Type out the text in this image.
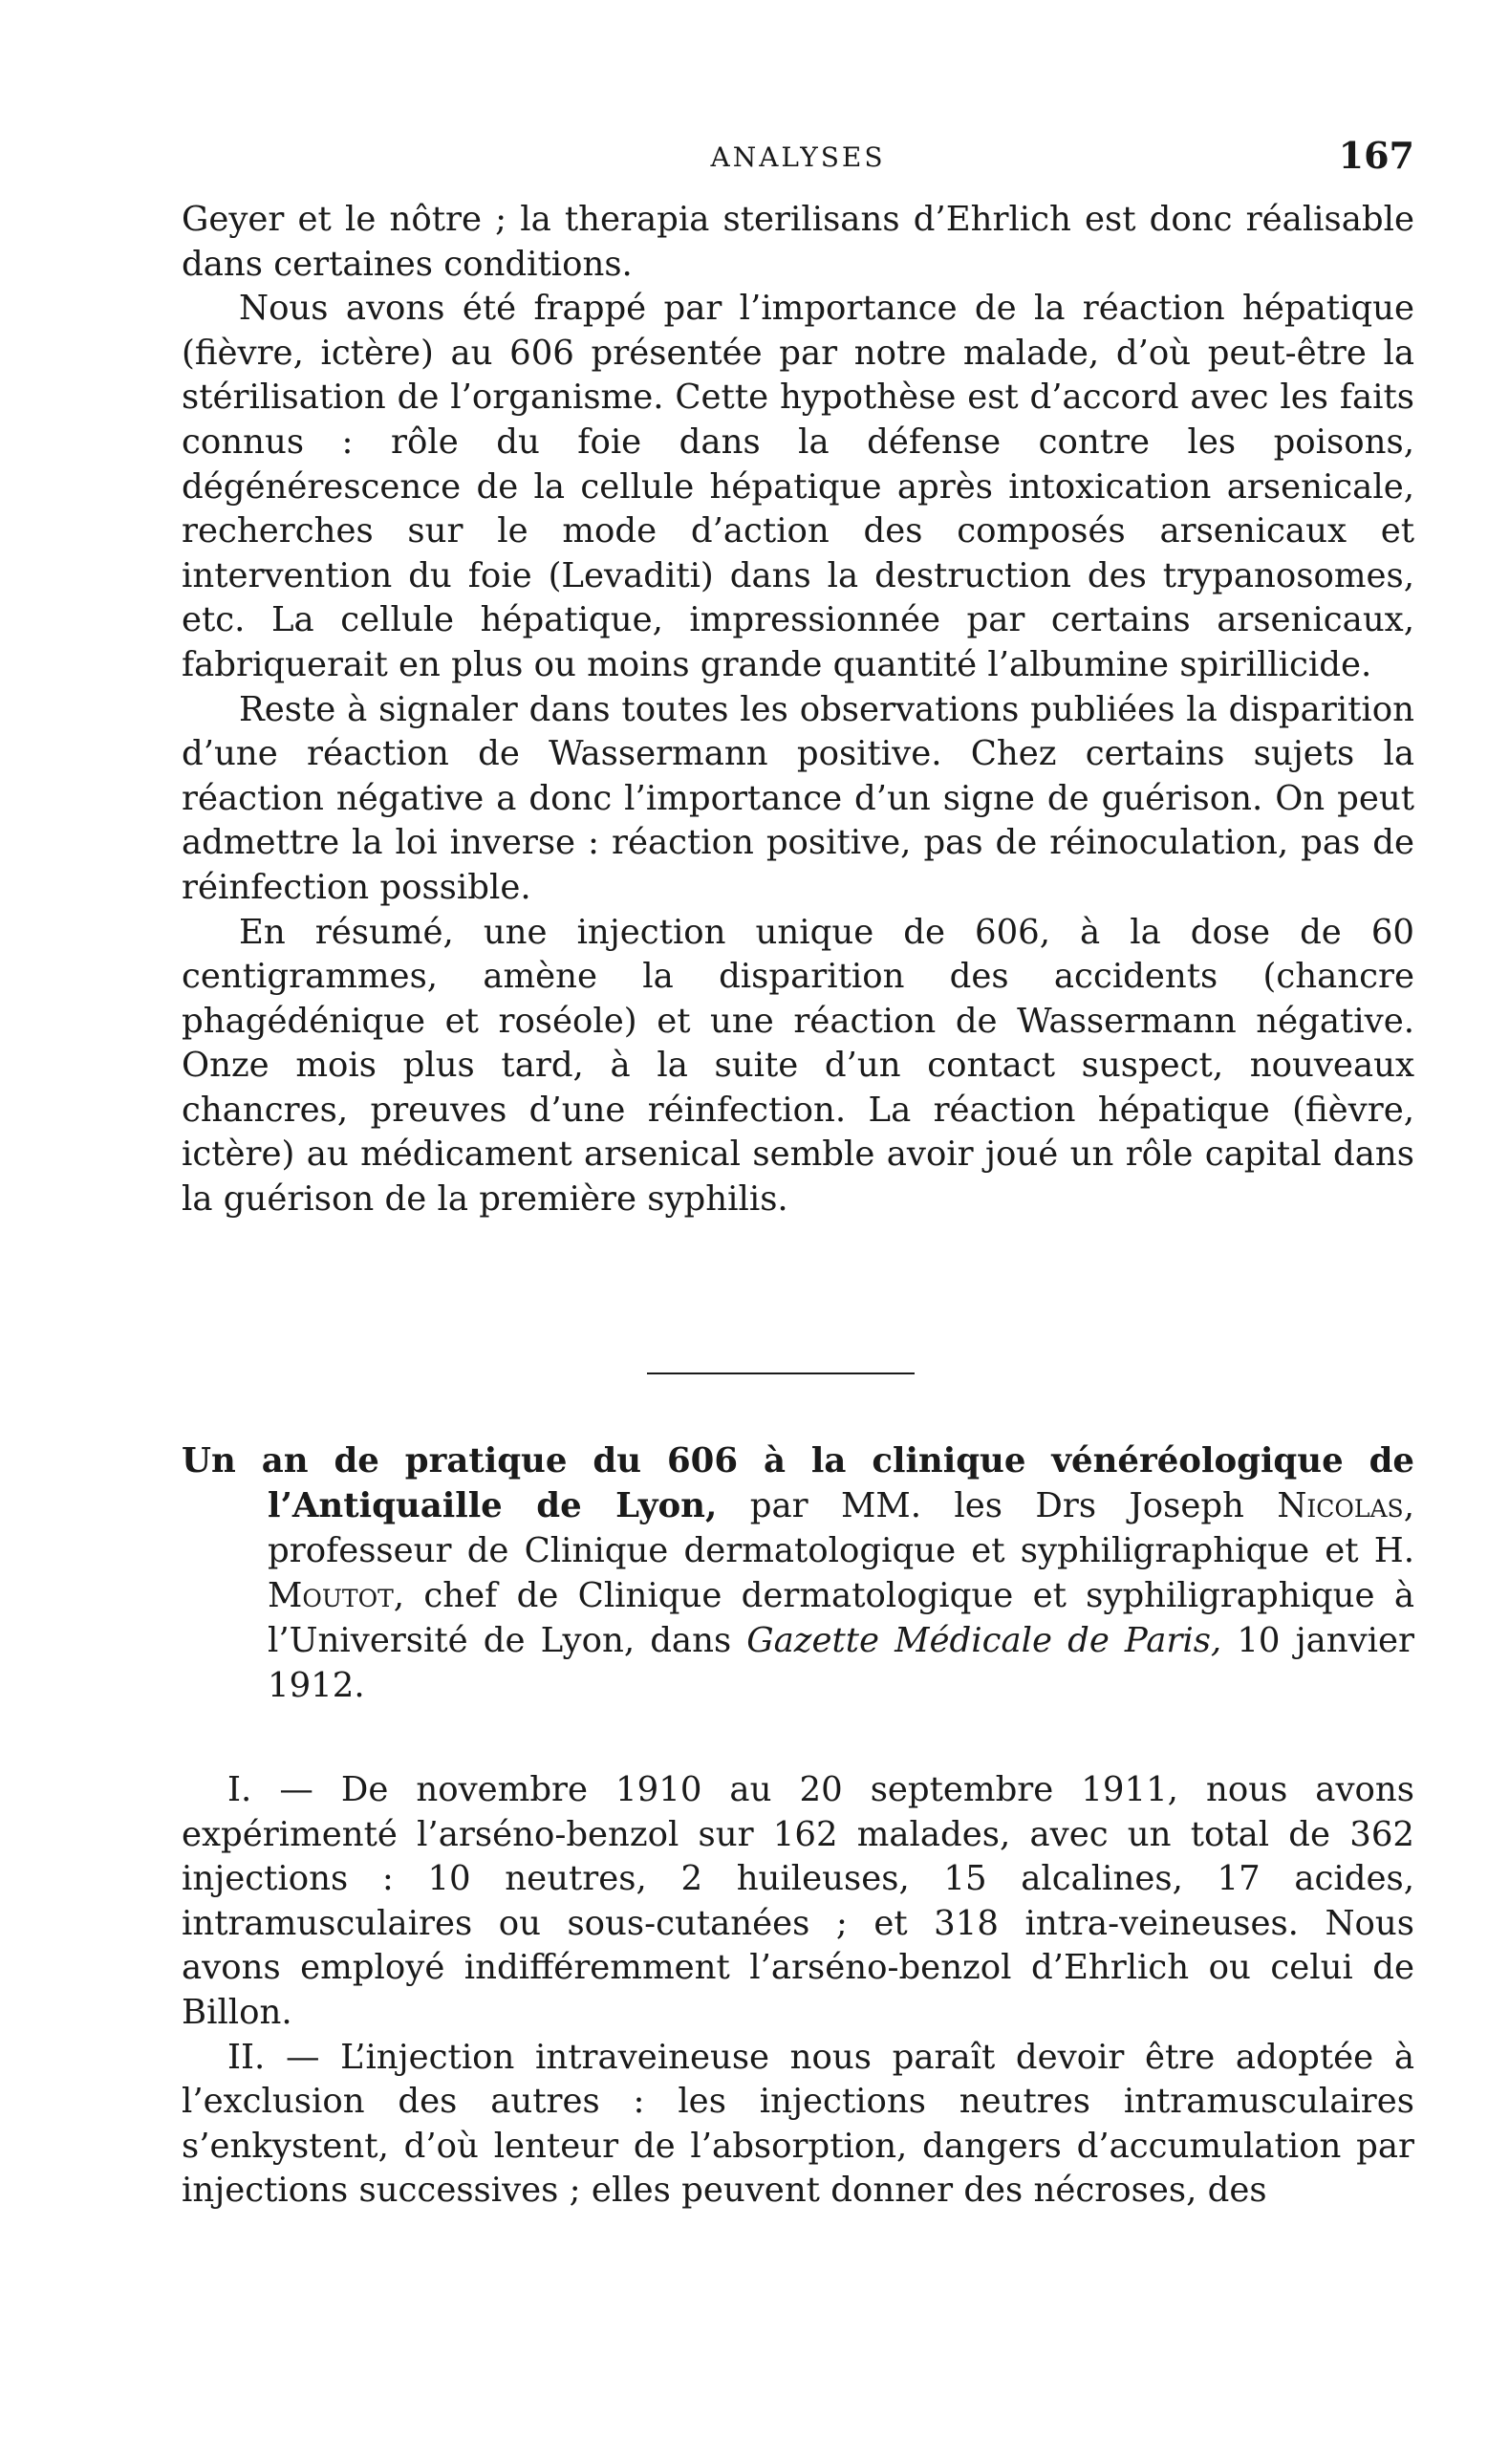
ANALYSES	167

Geyer et le nôtre ; la therapia sterilisans d’Ehrlich est donc réalisable dans certaines conditions.

Nous avons été frappé par l’importance de la réaction hépatique (fièvre, ictère) au 606 présentée par notre malade, d’où peut-être la stérilisation de l’organisme. Cette hypothèse est d’accord avec les faits connus : rôle du foie dans la défense contre les poisons, dégénérescence de la cellule hépatique après intoxication arsenicale, recherches sur le mode d’action des composés arsenicaux et intervention du foie (Levaditi) dans la destruction des trypanosomes, etc. La cellule hépatique, impressionnée par certains arsenicaux, fabriquerait en plus ou moins grande quantité l’albumine spirillicide.

Reste à signaler dans toutes les observations publiées la disparition d’une réaction de Wassermann positive. Chez certains sujets la réaction négative a donc l’importance d’un signe de guérison. On peut admettre la loi inverse : réaction positive, pas de réinoculation, pas de réinfection possible.

En résumé, une injection unique de 606, à la dose de 60 centigrammes, amène la disparition des accidents (chancre phagédénique et roséole) et une réaction de Wassermann négative. Onze mois plus tard, à la suite d’un contact suspect, nouveaux chancres, preuves d’une réinfection. La réaction hépatique (fièvre, ictère) au médicament arsenical semble avoir joué un rôle capital dans la guérison de la première syphilis.

Un an de pratique du 606 à la clinique vénéréologique de l’Antiquaille de Lyon, par MM. les Drs Joseph Nicolas, professeur de Clinique dermatologique et syphiligraphique et H. Moutot, chef de Clinique dermatologique et syphiligraphique à l’Université de Lyon, dans Gazette Médicale de Paris, 10 janvier 1912.

I. — De novembre 1910 au 20 septembre 1911, nous avons expérimenté l’arséno-benzol sur 162 malades, avec un total de 362 injections : 10 neutres, 2 huileuses, 15 alcalines, 17 acides, intramusculaires ou sous-cutanées ; et 318 intra-veineuses. Nous avons employé indifféremment l’arséno-benzol d’Ehrlich ou celui de Billon.

II. — L’injection intraveineuse nous paraît devoir être adoptée à l’exclusion des autres : les injections neutres intramusculaires s’enkystent, d’où lenteur de l’absorption, dangers d’accumulation par injections successives ; elles peuvent donner des nécroses, des
